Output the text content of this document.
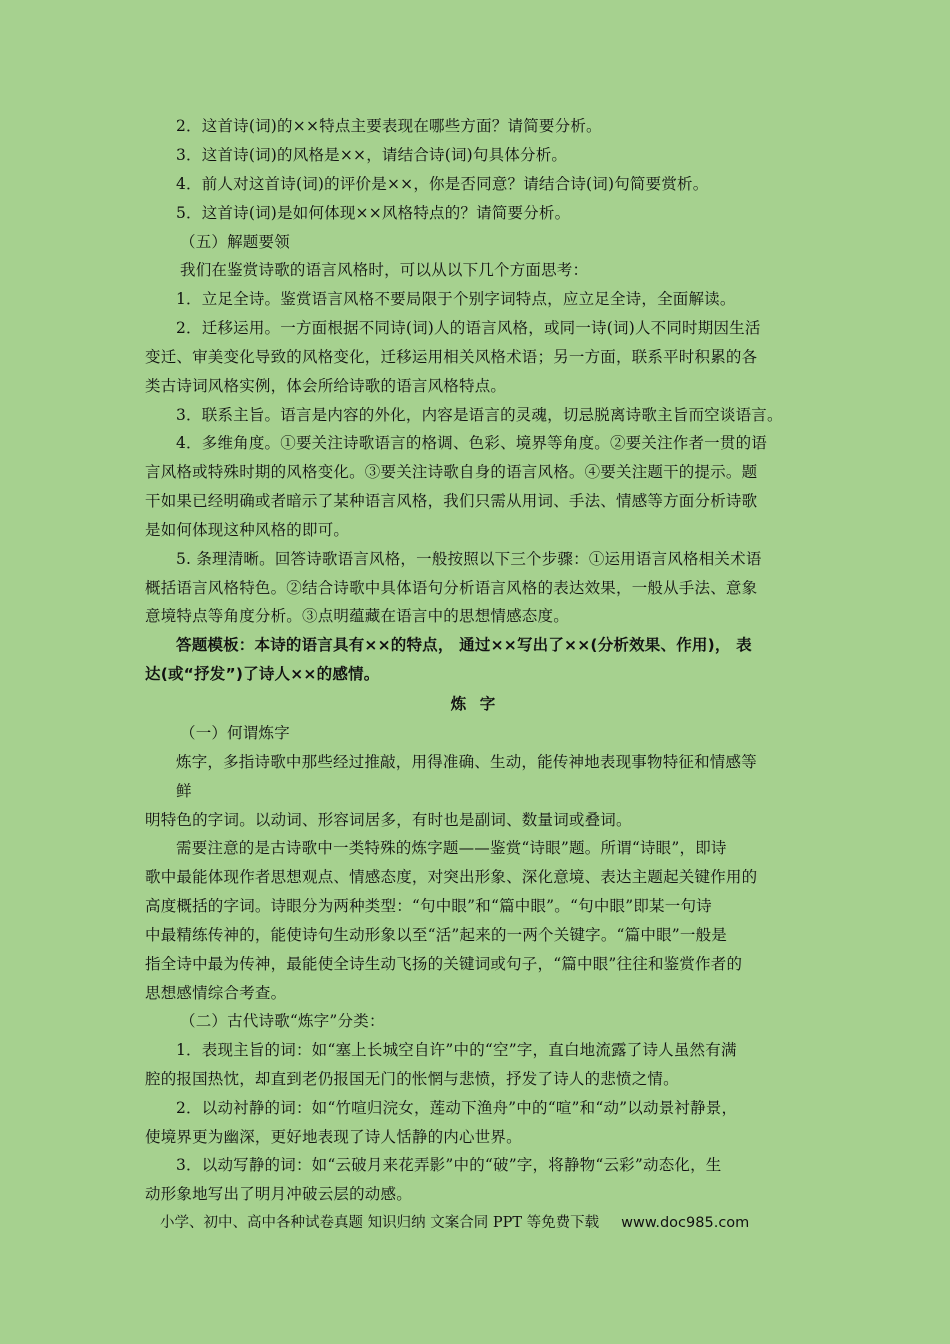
2．这首诗(词)的××特点主要表现在哪些方面？请简要分析。
3．这首诗(词)的风格是××，请结合诗(词)句具体分析。
4．前人对这首诗(词)的评价是××，你是否同意？请结合诗(词)句简要赏析。
5．这首诗(词)是如何体现××风格特点的？请简要分析。
（五）解题要领
我们在鉴赏诗歌的语言风格时，可以从以下几个方面思考：
1．立足全诗。鉴赏语言风格不要局限于个别字词特点，应立足全诗，全面解读。
2．迁移运用。一方面根据不同诗(词)人的语言风格，或同一诗(词)人不同时期因生活
变迁、审美变化导致的风格变化，迁移运用相关风格术语；另一方面，联系平时积累的各
类古诗词风格实例，体会所给诗歌的语言风格特点。
3．联系主旨。语言是内容的外化，内容是语言的灵魂，切忌脱离诗歌主旨而空谈语言。
4．多维角度。①要关注诗歌语言的格调、色彩、境界等角度。②要关注作者一贯的语
言风格或特殊时期的风格变化。③要关注诗歌自身的语言风格。④要关注题干的提示。题
干如果已经明确或者暗示了某种语言风格，我们只需从用词、手法、情感等方面分析诗歌
是如何体现这种风格的即可。
5. 条理清晰。回答诗歌语言风格，一般按照以下三个步骤：①运用语言风格相关术语
概括语言风格特色。②结合诗歌中具体语句分析语言风格的表达效果，一般从手法、意象
意境特点等角度分析。③点明蕴藏在语言中的思想情感态度。
答题模板：本诗的语言具有××的特点， 通过××写出了××(分析效果、作用)， 表
达(或“抒发”)了诗人××的感情。
（一）何谓炼字
炼字，多指诗歌中那些经过推敲，用得准确、生动，能传神地表现事物特征和情感等
鲜
明特色的字词。以动词、形容词居多，有时也是副词、数量词或叠词。
需要注意的是古诗歌中一类特殊的炼字题——鉴赏“诗眼”题。所谓“诗眼”，即诗
歌中最能体现作者思想观点、情感态度，对突出形象、深化意境、表达主题起关键作用的
高度概括的字词。诗眼分为两种类型：“句中眼”和“篇中眼”。“句中眼”即某一句诗
中最精练传神的，能使诗句生动形象以至“活”起来的一两个关键字。“篇中眼”一般是
指全诗中最为传神，最能使全诗生动飞扬的关键词或句子，“篇中眼”往往和鉴赏作者的
思想感情综合考查。
（二）古代诗歌“炼字”分类：
1．表现主旨的词：如“塞上长城空自许”中的“空”字，直白地流露了诗人虽然有满
腔的报国热忱，却直到老仍报国无门的怅惘与悲愤，抒发了诗人的悲愤之情。
2．以动衬静的词：如“竹喧归浣女，莲动下渔舟”中的“喧”和“动”以动景衬静景，
使境界更为幽深，更好地表现了诗人恬静的内心世界。
3．以动写静的词：如“云破月来花弄影”中的“破”字，将静物“云彩”动态化，生
动形象地写出了明月冲破云层的动感。
炼 字
小学、初中、高中各种试卷真题 知识归纳 文案合同 PPT 等免费下载 www.doc985.com
